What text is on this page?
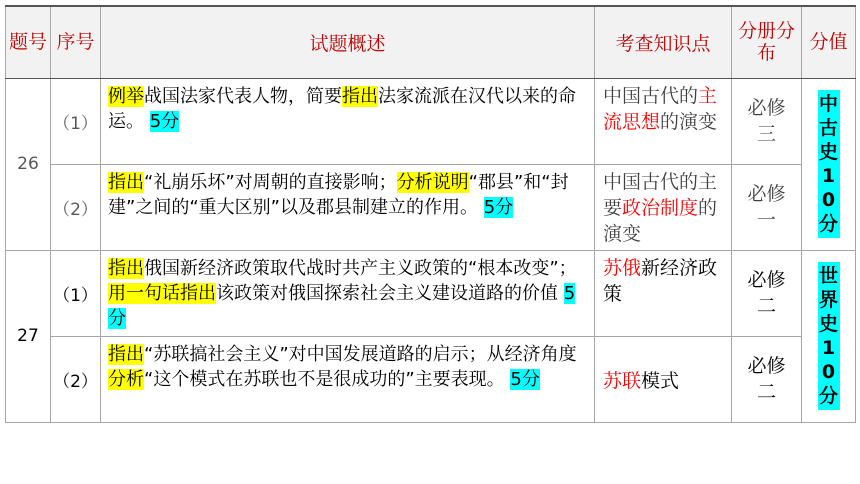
题号	序号	试题概述	考查知识点	分册分布	分值
26	（1）	例举战国法家代表人物，简要指出法家流派在汉代以来的命运。 5分	中国古代的主流思想的演变	必修三	中古史10分
	（2）	指出“礼崩乐坏”对周朝的直接影响；分析说明“郡县”和“封建”之间的“重大区别”以及郡县制建立的作用。 5分	中国古代的主要政治制度的演变	必修一	

27	（1）	指出俄国新经济政策取代战时共产主义政策的“根本改变”；用一句话指出该政策对俄国探索社会主义建设道路的价值 5分	苏俄新经济政策	必修二	世界史10分
	（2）	指出“苏联搞社会主义”对中国发展道路的启示；从经济角度分析“这个模式在苏联也不是很成功的”主要表现。 5分	苏联模式	必修二	
